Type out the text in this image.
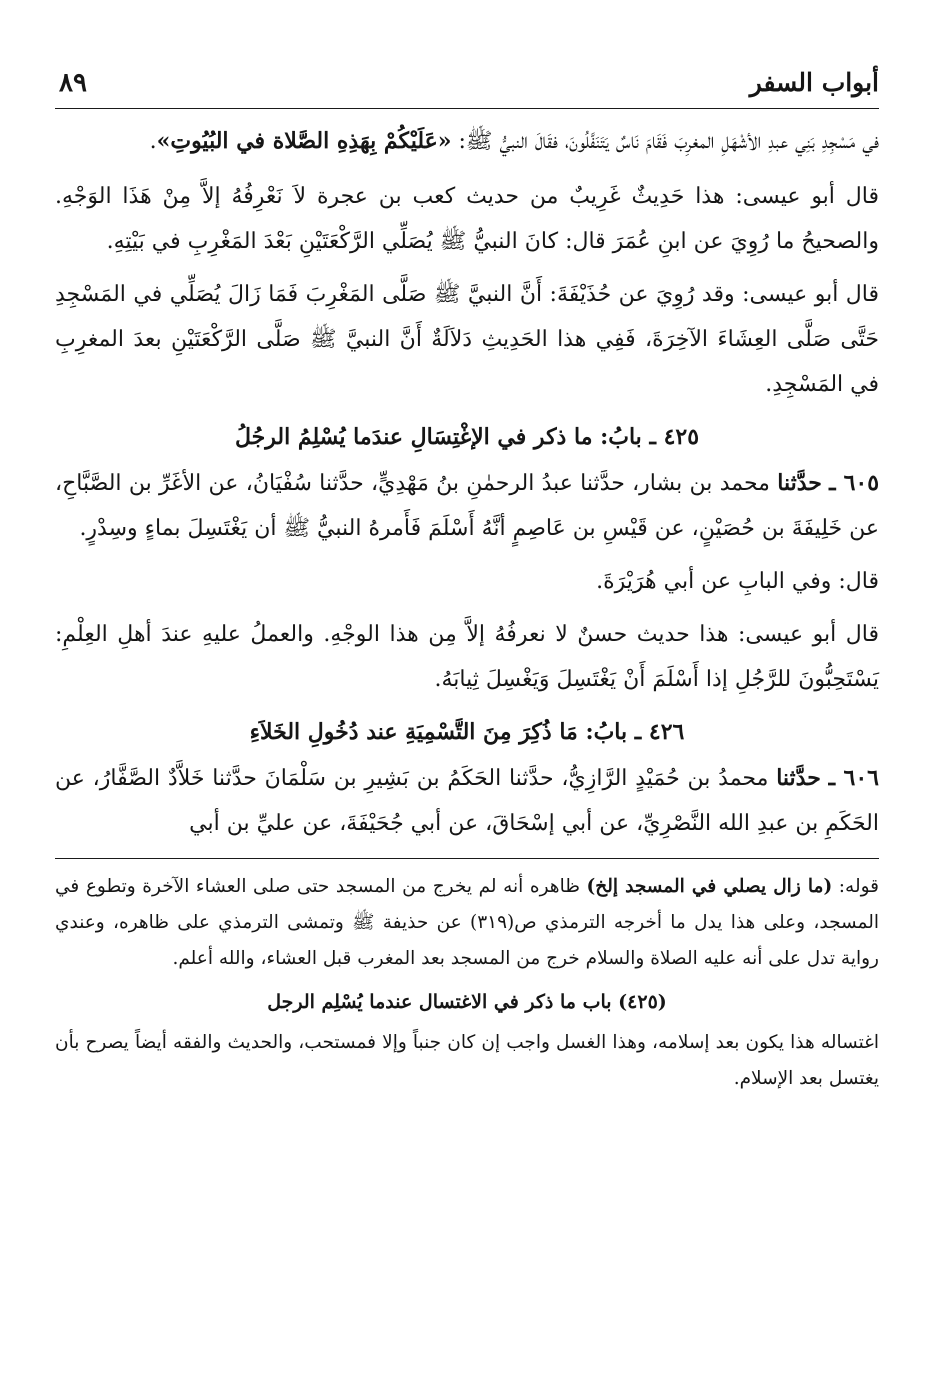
أبواب السفر
٨٩

في مَسْجِدِ بَنِي عبدِ الأشْهَلِ المغرِبَ فَقَامَ نَاسٌ يَتَنَفَّلُونَ، فقَالَ النبيُّ ﷺ: «عَلَيْكُمْ بِهَذِهِ الصَّلاة في البُيُوتِ».

قال أبو عيسى: هذا حَدِيثٌ غَرِيبٌ من حديث كعب بن عجرة لاَ نَعْرِفُهُ إلاَّ مِنْ هَذَا الوَجْهِ. والصحيحُ ما رُوِيَ عن ابنِ عُمَرَ قال: كانَ النبيُّ ﷺ يُصَلِّي الرَّكْعَتَيْنِ بَعْدَ المَغْرِبِ في بَيْتِهِ.

قال أبو عيسى: وقد رُوِيَ عن حُذَيْفَةَ: أَنَّ النبيَّ ﷺ صَلَّى المَغْرِبَ فَمَا زَالَ يُصَلِّي في المَسْجِدِ حَتَّى صَلَّى العِشَاءَ الآخِرَةَ، فَفِي هذا الحَدِيثِ دَلاَلَةٌ أَنَّ النبيَّ ﷺ صَلَّى الرَّكْعَتَيْنِ بعدَ المغرِبِ في المَسْجِدِ.

٤٢٥ ـ بابُ: ما ذكر في الإغْتِسَالِ عندَما يُسْلِمُ الرجُلُ

٦٠٥ ـ حدَّثنا محمد بن بشار، حدَّثنا عبدُ الرحمٰنِ بنُ مَهْدِيٍّ، حدَّثنا سُفْيَانُ، عن الأغَرِّ بن الصَّبَّاحِ، عن خَلِيفَةَ بن حُصَيْنٍ، عن قَيْسِ بن عَاصِمٍ أنَّهُ أَسْلَمَ فَأَمرهُ النبيُّ ﷺ أن يَغْتَسِلَ بماءٍ وسِدْرٍ.

قال: وفي البابِ عن أبي هُرَيْرَةَ.

قال أبو عيسى: هذا حديث حسنٌ لا نعرفُهُ إلاَّ مِن هذا الوجْهِ. والعملُ عليهِ عندَ أهلِ العِلْمِ: يَسْتَحِبُّونَ للرَّجُلِ إذا أَسْلَمَ أَنْ يَغْتَسِلَ وَيَغْسِلَ ثِيابَهُ.

٤٢٦ ـ بابُ: مَا ذُكِرَ مِنَ التَّسْمِيَةِ عند دُخُولِ الخَلاَءِ

٦٠٦ ـ حدَّثنا محمدُ بن حُمَيْدٍ الرَّازِيُّ، حدَّثنا الحَكَمُ بن بَشِيرِ بن سَلْمَانَ حدَّثنا خَلاَّدٌ الصَّفَّارُ، عن الحَكَمِ بن عبدِ الله النَّصْرِيِّ، عن أبي إسْحَاقَ، عن أبي جُحَيْفَةَ، عن عليِّ بن أبي

قوله: (ما زال يصلي في المسجد إلخ) ظاهره أنه لم يخرج من المسجد حتى صلى العشاء الآخرة وتطوع في المسجد، وعلى هذا يدل ما أخرجه الترمذي ص(٣١٩) عن حذيفة ﷺ وتمشى الترمذي على ظاهره، وعندي رواية تدل على أنه عليه الصلاة والسلام خرج من المسجد بعد المغرب قبل العشاء، والله أعلم.

(٤٢٥) باب ما ذكر في الاغتسال عندما يُسْلِم الرجل

اغتساله هذا يكون بعد إسلامه، وهذا الغسل واجب إن كان جنباً وإلا فمستحب، والحديث والفقه أيضاً يصرح بأن يغتسل بعد الإسلام.
